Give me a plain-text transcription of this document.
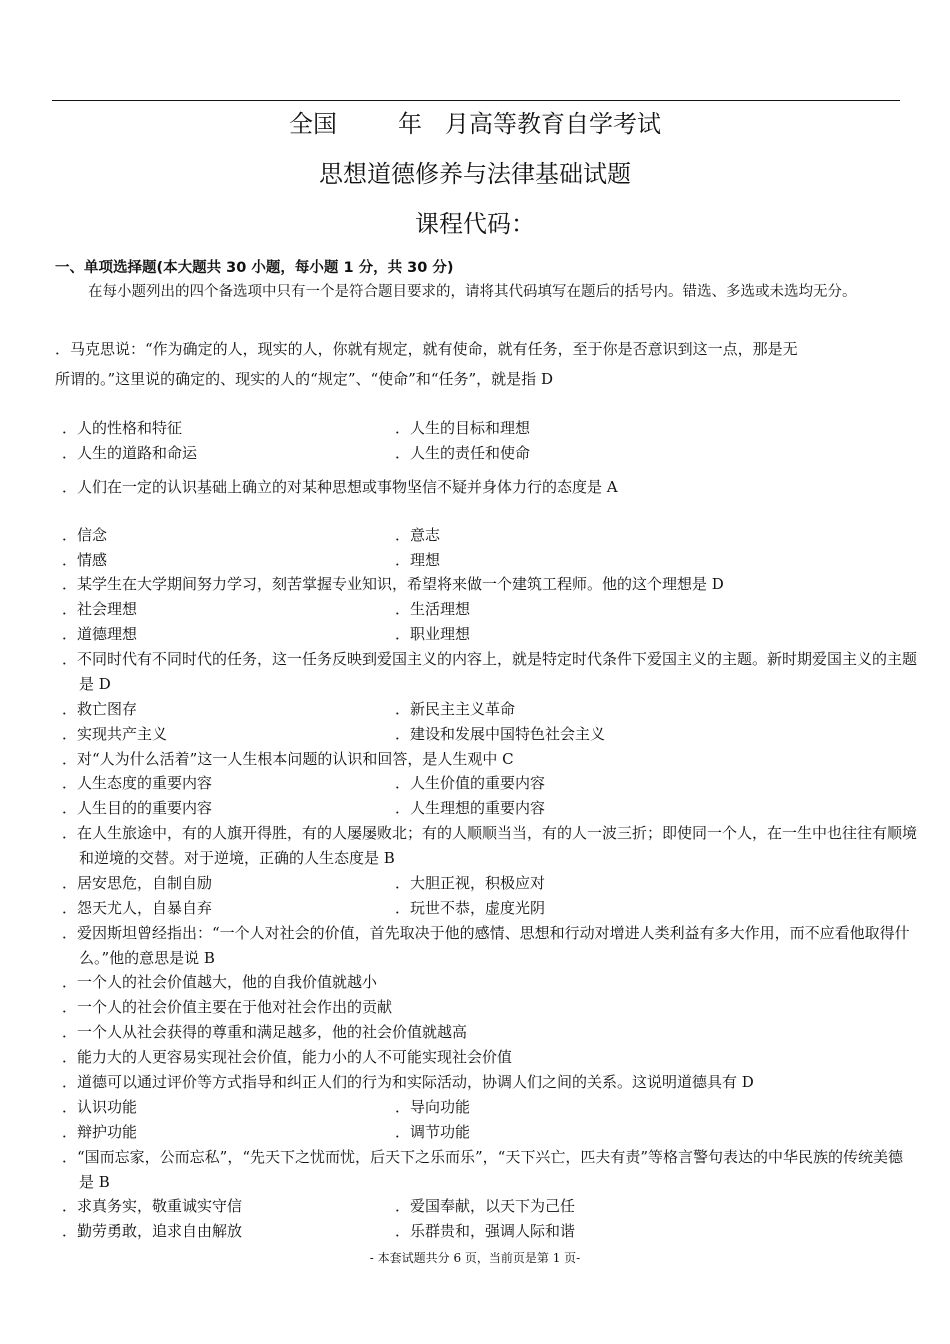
全国        年   月高等教育自学考试
思想道德修养与法律基础试题
课程代码：
一、单项选择题(本大题共 30 小题，每小题 1 分，共 30 分)
在每小题列出的四个备选项中只有一个是符合题目要求的，请将其代码填写在题后的括号内。错选、多选或未选均无分。
．马克思说：“作为确定的人，现实的人，你就有规定，就有使命，就有任务，至于你是否意识到这一点，那是无
所谓的。”这里说的确定的、现实的人的“规定”、“使命”和“任务”，就是指 D
．人的性格和特征	．人生的目标和理想
．人生的道路和命运	．人生的责任和使命
．人们在一定的认识基础上确立的对某种思想或事物坚信不疑并身体力行的态度是 A
．信念	．意志
．情感	．理想
．某学生在大学期间努力学习，刻苦掌握专业知识，希望将来做一个建筑工程师。他的这个理想是 D
．社会理想	．生活理想
．道德理想	．职业理想
．不同时代有不同时代的任务，这一任务反映到爱国主义的内容上，就是特定时代条件下爱国主义的主题。新时期爱国主义的主题是 D
．救亡图存	．新民主主义革命
．实现共产主义	．建设和发展中国特色社会主义
．对“人为什么活着”这一人生根本问题的认识和回答，是人生观中 C
．人生态度的重要内容	．人生价值的重要内容
．人生目的的重要内容	．人生理想的重要内容
．在人生旅途中，有的人旗开得胜，有的人屡屡败北；有的人顺顺当当，有的人一波三折；即使同一个人，在一生中也往往有顺境和逆境的交替。对于逆境，正确的人生态度是 B
．居安思危，自制自励	．大胆正视，积极应对
．怨天尤人，自暴自弃	．玩世不恭，虚度光阴
．爱因斯坦曾经指出：“一个人对社会的价值，首先取决于他的感情、思想和行动对增进人类利益有多大作用，而不应看他取得什么。”他的意思是说 B
．一个人的社会价值越大，他的自我价值就越小
．一个人的社会价值主要在于他对社会作出的贡献
．一个人从社会获得的尊重和满足越多，他的社会价值就越高
．能力大的人更容易实现社会价值，能力小的人不可能实现社会价值
．道德可以通过评价等方式指导和纠正人们的行为和实际活动，协调人们之间的关系。这说明道德具有 D
．认识功能	．导向功能
．辩护功能	．调节功能
．“国而忘家，公而忘私”，“先天下之忧而忧，后天下之乐而乐”，“天下兴亡，匹夫有责”等格言警句表达的中华民族的传统美德是 B
．求真务实，敬重诚实守信	．爱国奉献，以天下为己任
．勤劳勇敢，追求自由解放	．乐群贵和，强调人际和谐
- 本套试题共分 6 页，当前页是第 1 页-
